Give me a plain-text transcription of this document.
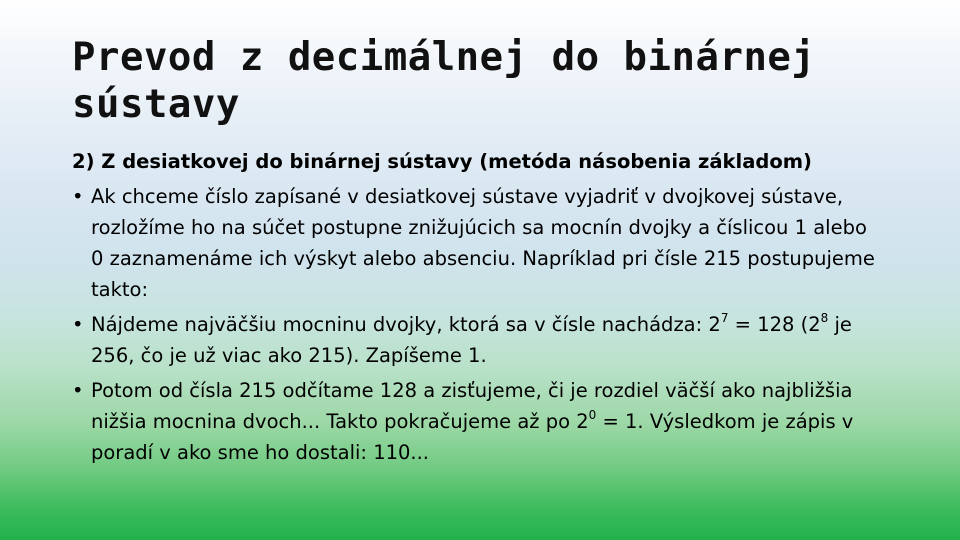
Prevod z decimálnej do binárnej sústavy
2) Z desiatkovej do binárnej sústavy (metóda násobenia základom)
• Ak chceme číslo zapísané v desiatkovej sústave vyjadriť v dvojkovej sústave, rozložíme ho na súčet postupne znižujúcich sa mocnín dvojky a číslicou 1 alebo 0 zaznamenáme ich výskyt alebo absenciu. Napríklad pri čísle 215 postupujeme takto:
• Nájdeme najväčšiu mocninu dvojky, ktorá sa v čísle nachádza: $2^7 = 128$ ($2^8$ je 256, čo je už viac ako 215). Zapíšeme 1.
• Potom od čísla 215 odčítame 128 a zisťujeme, či je rozdiel väčší ako najbližšia nižšia mocnina dvoch... Takto pokračujeme až po $2^0 = 1$. Výsledkom je zápis v poradí v ako sme ho dostali: 110...
